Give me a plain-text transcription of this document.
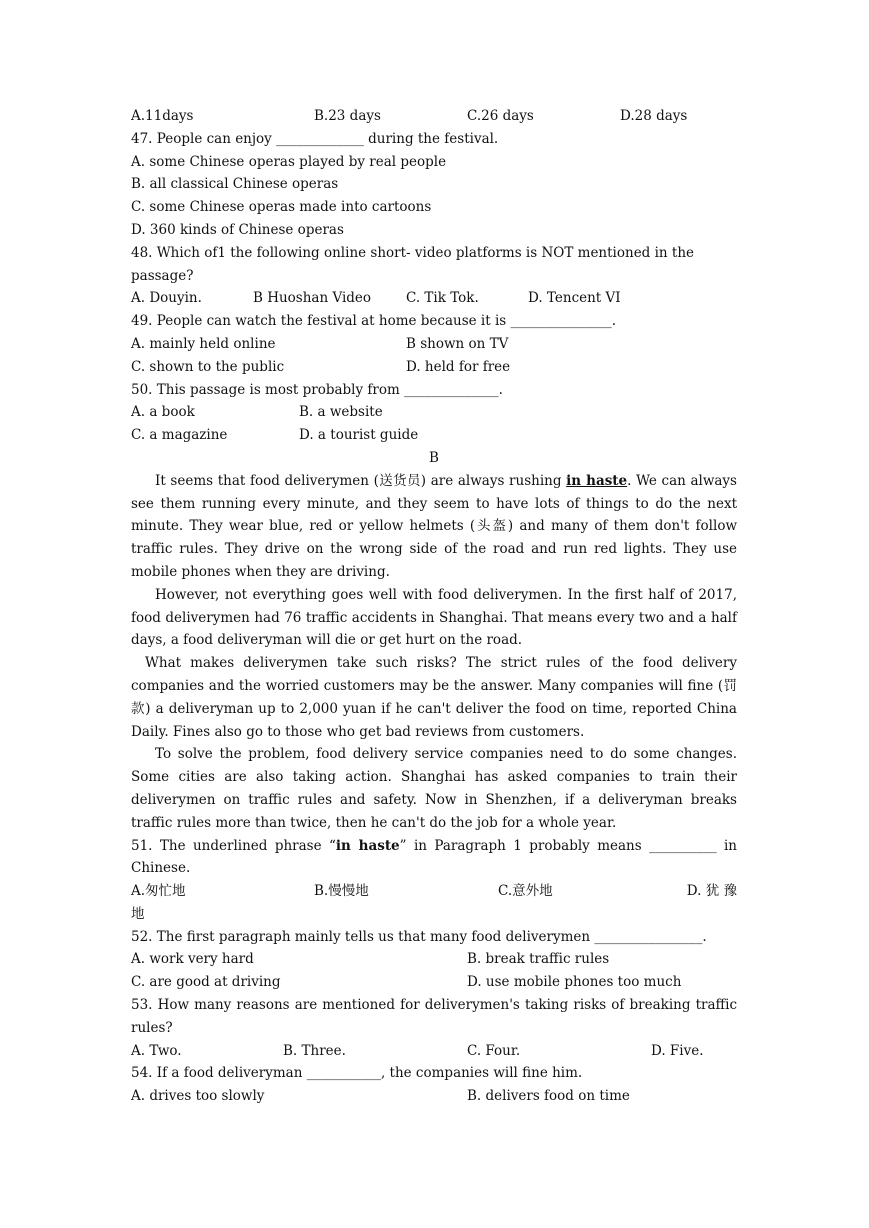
A.11days	B.23 days	C.26 days	D.28 days
47. People can enjoy _____________ during the festival.
A. some Chinese operas played by real people
B. all classical Chinese operas
C. some Chinese operas made into cartoons
D. 360 kinds of Chinese operas
48. Which of1 the following online short- video platforms is NOT mentioned in the
passage?
A. Douyin.	B Huoshan Video	C. Tik Tok.	D. Tencent VI
49. People can watch the festival at home because it is _______________.
A. mainly held online	B shown on TV
C. shown to the public	D. held for free
50. This passage is most probably from ______________.
A. a book	B. a website
C. a magazine	D. a tourist guide
B
It seems that food deliverymen (送货员) are always rushing in haste. We can always see them running every minute, and they seem to have lots of things to do the next minute. They wear blue, red or yellow helmets (头盔) and many of them don't follow traffic rules. They drive on the wrong side of the road and run red lights. They use mobile phones when they are driving.
However, not everything goes well with food deliverymen. In the first half of 2017, food deliverymen had 76 traffic accidents in Shanghai. That means every two and a half days, a food deliveryman will die or get hurt on the road.
What makes deliverymen take such risks? The strict rules of the food delivery companies and the worried customers may be the answer. Many companies will fine (罚款) a deliveryman up to 2,000 yuan if he can't deliver the food on time, reported China Daily. Fines also go to those who get bad reviews from customers.
To solve the problem, food delivery service companies need to do some changes. Some cities are also taking action. Shanghai has asked companies to train their deliverymen on traffic rules and safety. Now in Shenzhen, if a deliveryman breaks traffic rules more than twice, then he can't do the job for a whole year.
51. The underlined phrase “in haste” in Paragraph 1 probably means __________ in Chinese.
A.匆忙地	B.慢慢地	C.意外地	D. 犹 豫
地
52. The first paragraph mainly tells us that many food deliverymen ________________.
A. work very hard	B. break traffic rules
C. are good at driving	D. use mobile phones too much
53. How many reasons are mentioned for deliverymen's taking risks of breaking traffic rules?
A. Two.	B. Three.	C. Four.	D. Five.
54. If a food deliveryman ___________, the companies will fine him.
A. drives too slowly	B. delivers food on time
